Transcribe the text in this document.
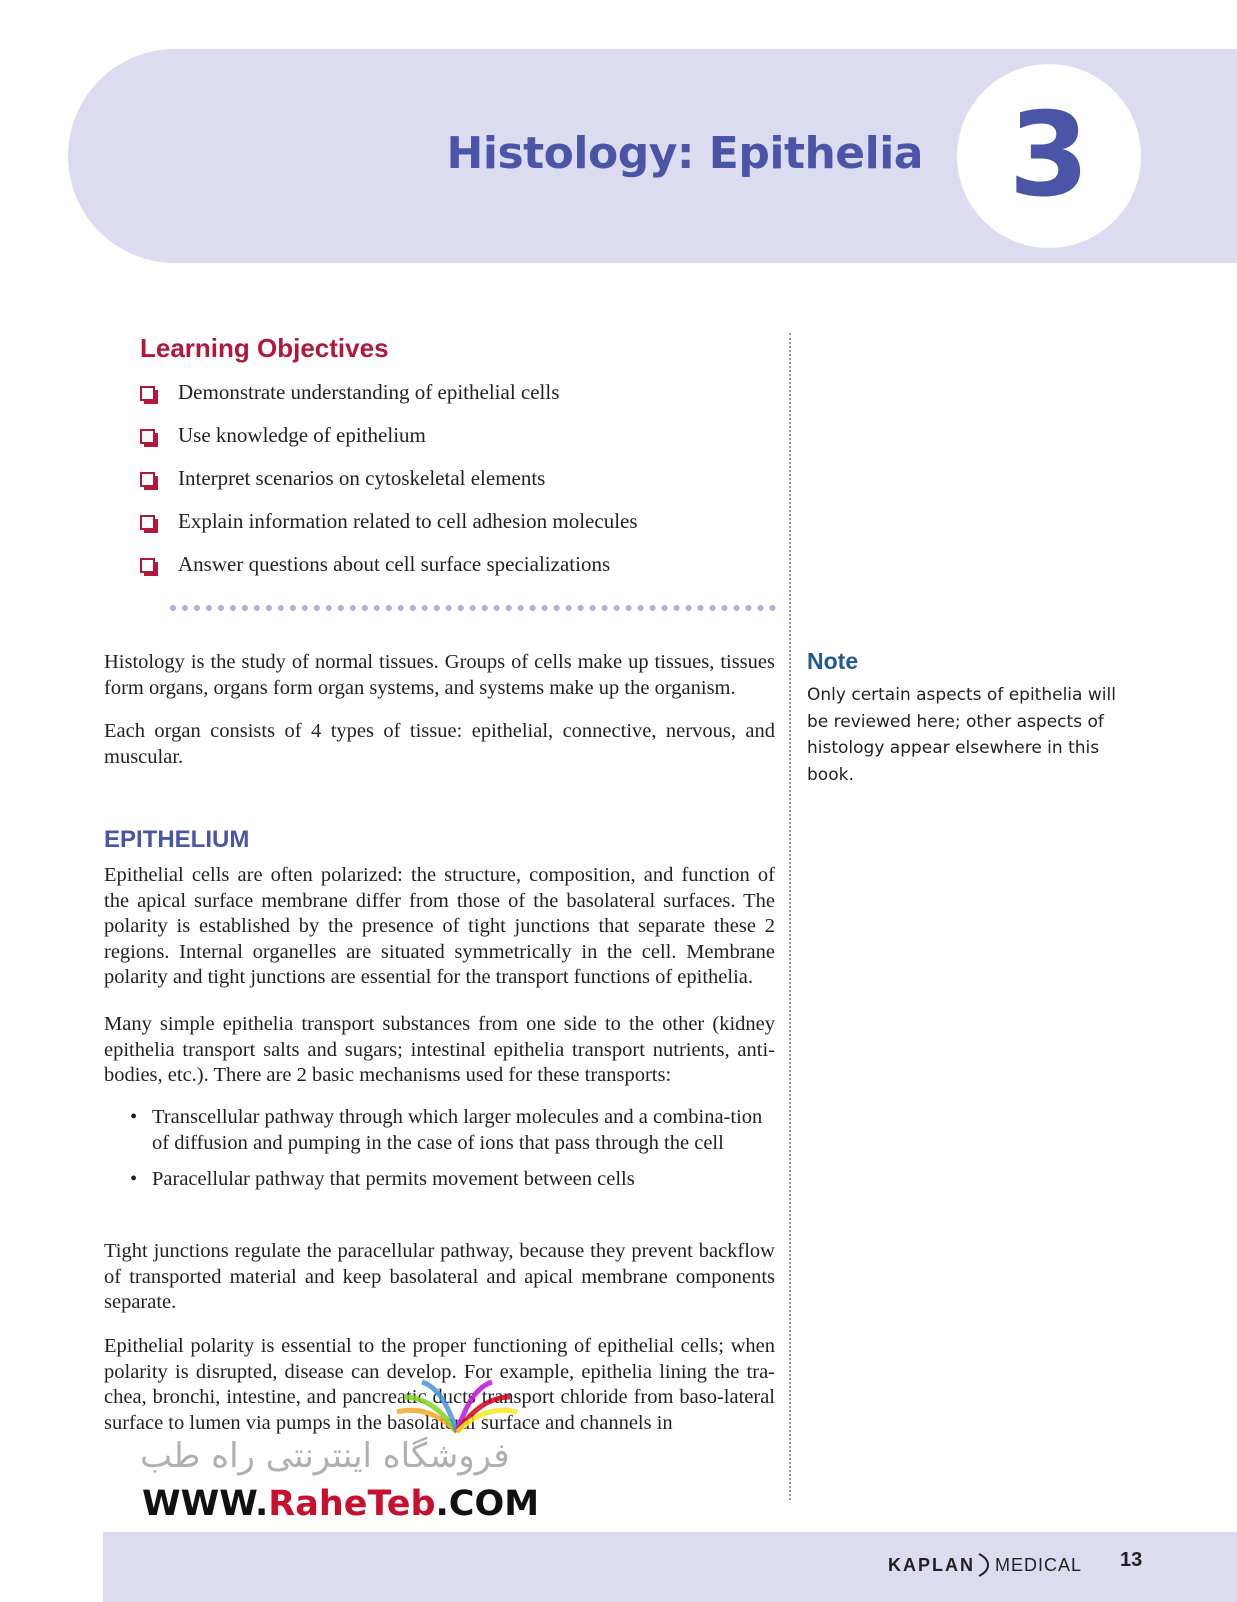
Histology: Epithelia 3
Learning Objectives
Demonstrate understanding of epithelial cells
Use knowledge of epithelium
Interpret scenarios on cytoskeletal elements
Explain information related to cell adhesion molecules
Answer questions about cell surface specializations

Histology is the study of normal tissues. Groups of cells make up tissues, tissues form organs, organs form organ systems, and systems make up the organism.

Each organ consists of 4 types of tissue: epithelial, connective, nervous, and muscular.

EPITHELIUM

Epithelial cells are often polarized: the structure, composition, and function of the apical surface membrane differ from those of the basolateral surfaces. The polarity is established by the presence of tight junctions that separate these 2 regions. Internal organelles are situated symmetrically in the cell. Membrane polarity and tight junctions are essential for the transport functions of epithelia.

Many simple epithelia transport substances from one side to the other (kidney epithelia transport salts and sugars; intestinal epithelia transport nutrients, anti-bodies, etc.). There are 2 basic mechanisms used for these transports:

• Transcellular pathway through which larger molecules and a combina-tion of diffusion and pumping in the case of ions that pass through the cell
• Paracellular pathway that permits movement between cells

Tight junctions regulate the paracellular pathway, because they prevent backflow of transported material and keep basolateral and apical membrane components separate.

Epithelial polarity is essential to the proper functioning of epithelial cells; when polarity is disrupted, disease can develop. For example, epithelia lining the tra-chea, bronchi, intestine, and pancreatic ducts transport chloride from baso-lateral surface to lumen via pumps in the basolateral surface and channels in

Note

Only certain aspects of epithelia will be reviewed here; other aspects of histology appear elsewhere in this book.

فروشگاه اینترنتی راه طب

WWW.RaheTeb.COM

KAPLAN MEDICAL 13
